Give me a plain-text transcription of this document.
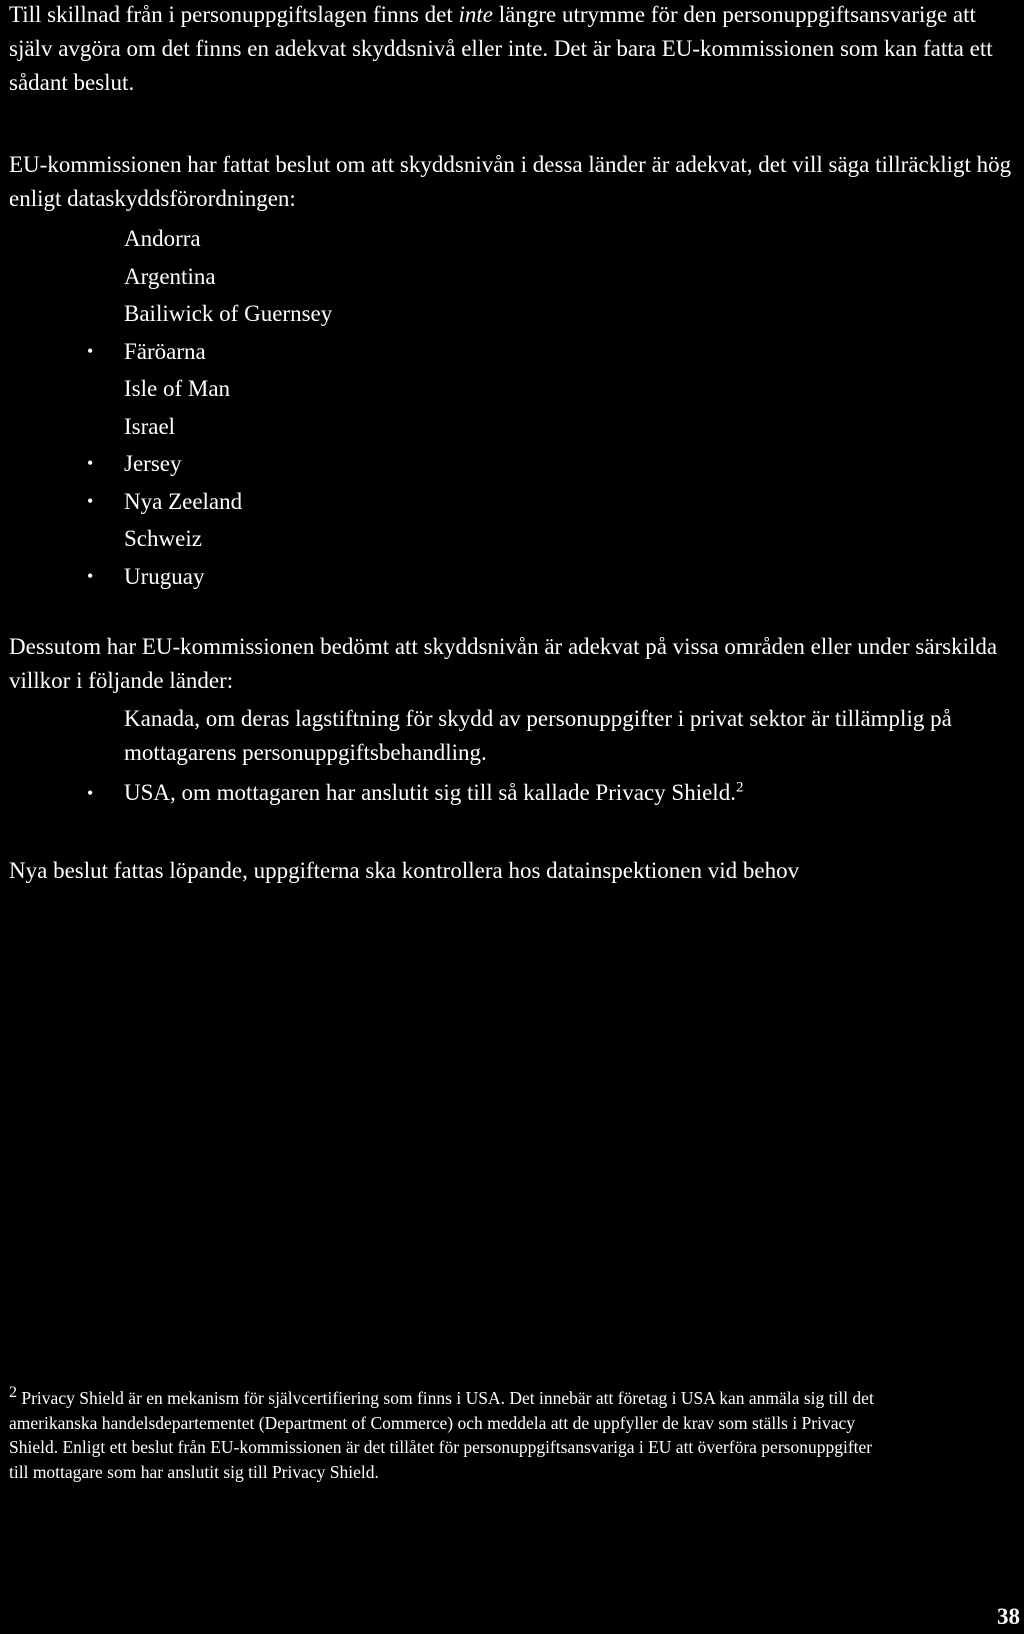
Till skillnad från i personuppgiftslagen finns det inte längre utrymme för den personuppgiftsansvarige att själv avgöra om det finns en adekvat skyddsnivå eller inte. Det är bara EU-kommissionen som kan fatta ett sådant beslut.

EU-kommissionen har fattat beslut om att skyddsnivån i dessa länder är adekvat, det vill säga tillräckligt hög enligt dataskyddsförordningen:

Andorra
Argentina
Bailiwick of Guernsey
• Färöarna
Isle of Man
Israel
• Jersey
• Nya Zeeland
Schweiz
• Uruguay

Dessutom har EU-kommissionen bedömt att skyddsnivån är adekvat på vissa områden eller under särskilda villkor i följande länder:

Kanada, om deras lagstiftning för skydd av personuppgifter i privat sektor är tillämplig på mottagarens personuppgiftsbehandling.
• USA, om mottagaren har anslutit sig till så kallade Privacy Shield.$^2$

Nya beslut fattas löpande, uppgifterna ska kontrollera hos datainspektionen vid behov

$^2$ Privacy Shield är en mekanism för självcertifiering som finns i USA. Det innebär att företag i USA kan anmäla sig till det amerikanska handelsdepartementet (Department of Commerce) och meddela att de uppfyller de krav som ställs i Privacy Shield. Enligt ett beslut från EU-kommissionen är det tillåtet för personuppgiftsansvariga i EU att överföra personuppgifter till mottagare som har anslutit sig till Privacy Shield.

38
